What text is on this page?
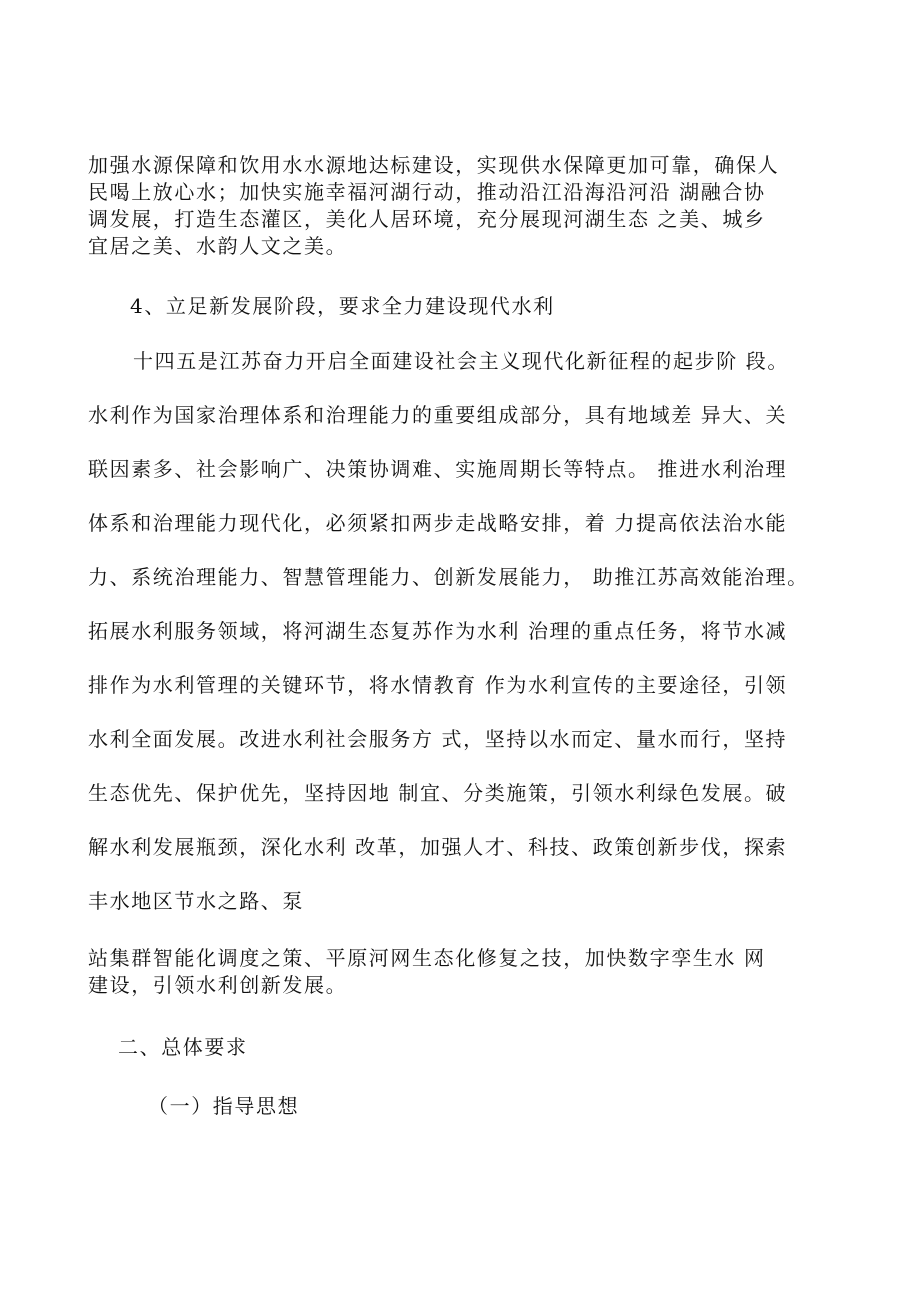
加强水源保障和饮用水水源地达标建设，实现供水保障更加可靠，确保人
民喝上放心水；加快实施幸福河湖行动，推动沿江沿海沿河沿 湖融合协
调发展，打造生态灌区，美化人居环境，充分展现河湖生态 之美、城乡
宜居之美、水韵人文之美。
4、立足新发展阶段，要求全力建设现代水利
十四五是江苏奋力开启全面建设社会主义现代化新征程的起步阶 段。
水利作为国家治理体系和治理能力的重要组成部分，具有地域差 异大、关
联因素多、社会影响广、决策协调难、实施周期长等特点。 推进水利治理
体系和治理能力现代化，必须紧扣两步走战略安排，着 力提高依法治水能
力、系统治理能力、智慧管理能力、创新发展能力， 助推江苏高效能治理。
拓展水利服务领域，将河湖生态复苏作为水利 治理的重点任务，将节水减
排作为水利管理的关键环节，将水情教育 作为水利宣传的主要途径，引领
水利全面发展。改进水利社会服务方 式，坚持以水而定、量水而行，坚持
生态优先、保护优先，坚持因地 制宜、分类施策，引领水利绿色发展。破
解水利发展瓶颈，深化水利 改革，加强人才、科技、政策创新步伐，探索
丰水地区节水之路、泵
站集群智能化调度之策、平原河网生态化修复之技，加快数字孪生水 网
建设，引领水利创新发展。
二、总体要求
（一）指导思想
